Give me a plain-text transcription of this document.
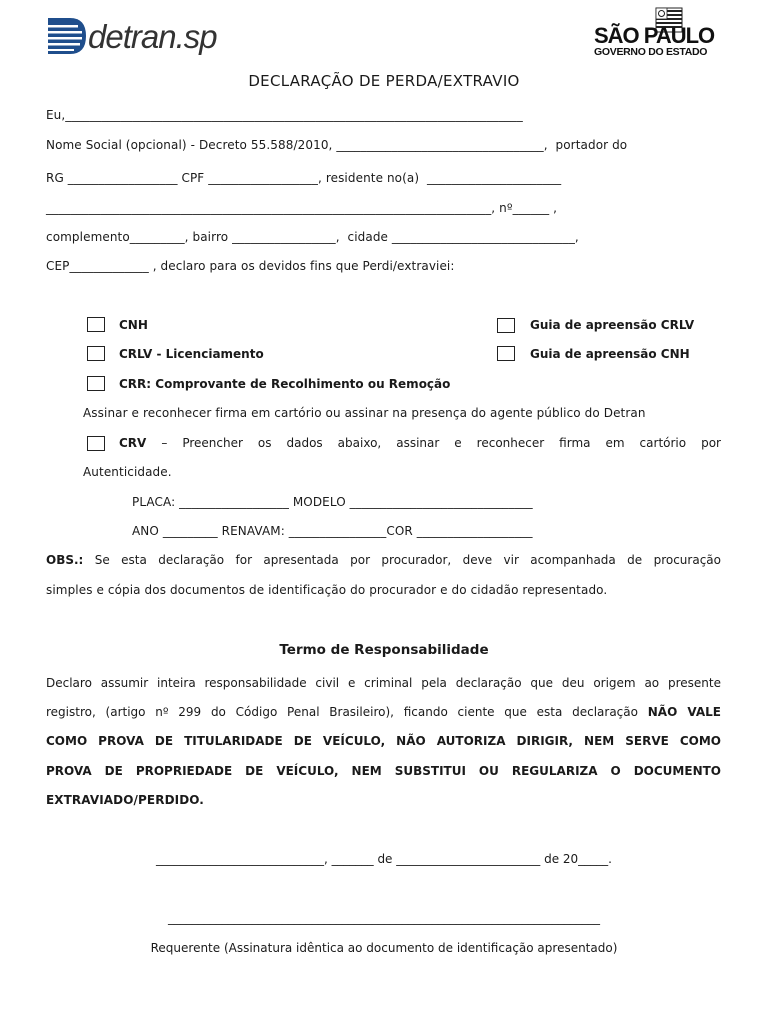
detran.sp	SÃO PAULO
GOVERNO DO ESTADO
DECLARAÇÃO DE PERDA/EXTRAVIO
Eu,___________________________________________________________________________
Nome Social (opcional) - Decreto 55.588/2010, __________________________________,  portador do
RG __________________ CPF __________________, residente no(a)  ______________________
_________________________________________________________________________, nº______ ,
complemento_________, bairro _________________,  cidade ______________________________,
CEP_____________ , declaro para os devidos fins que Perdi/extraviei:
CNH	Guia de apreensão CRLV
CRLV - Licenciamento	Guia de apreensão CNH
CRR: Comprovante de Recolhimento ou Remoção
Assinar e reconhecer firma em cartório ou assinar na presença do agente público do Detran
CRV – Preencher os dados abaixo, assinar e reconhecer firma em cartório por
Autenticidade.
PLACA: __________________ MODELO ______________________________
ANO _________ RENAVAM: ________________COR ___________________
OBS.: Se esta declaração for apresentada por procurador, deve vir acompanhada de procuração
simples e cópia dos documentos de identificação do procurador e do cidadão representado.
Termo de Responsabilidade
Declaro assumir inteira responsabilidade civil e criminal pela declaração que deu origem ao presente
registro, (artigo nº 299 do Código Penal Brasileiro), ficando ciente que esta declaração NÃO VALE
COMO PROVA DE TITULARIDADE DE VEÍCULO, NÃO AUTORIZA DIRIGIR, NEM SERVE COMO
PROVA DE PROPRIEDADE DE VEÍCULO, NEM SUBSTITUI OU REGULARIZA O DOCUMENTO
EXTRAVIADO/PERDIDO.
____________________________, _______ de ________________________ de 20_____.
________________________________________________________________________
Requerente (Assinatura idêntica ao documento de identificação apresentado)
